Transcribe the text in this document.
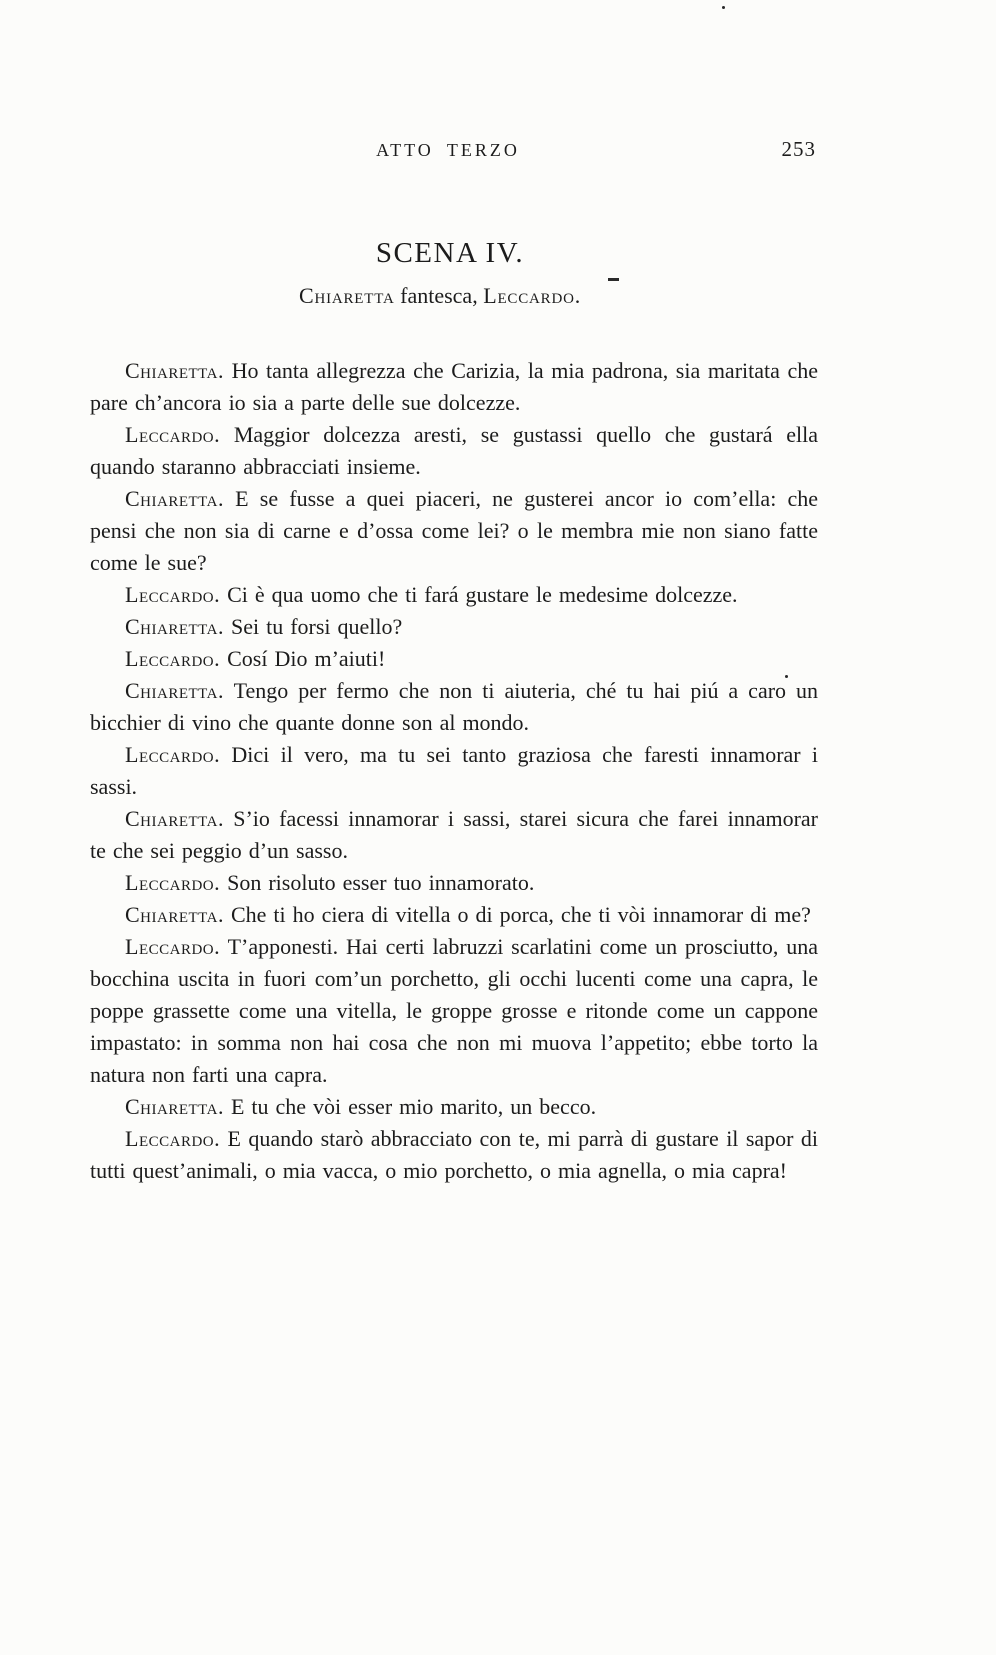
ATTO TERZO	253
SCENA IV.
Chiaretta fantesca, Leccardo.

Chiaretta. Ho tanta allegrezza che Carizia, la mia padrona, sia maritata che pare ch’ancora io sia a parte delle sue dolcezze.

Leccardo. Maggior dolcezza aresti, se gustassi quello che gustará ella quando staranno abbracciati insieme.

Chiaretta. E se fusse a quei piaceri, ne gusterei ancor io com’ella: che pensi che non sia di carne e d’ossa come lei? o le membra mie non siano fatte come le sue?

Leccardo. Ci è qua uomo che ti fará gustare le medesime dolcezze.

Chiaretta. Sei tu forsi quello?

Leccardo. Cosí Dio m’aiuti!

Chiaretta. Tengo per fermo che non ti aiuteria, ché tu hai piú a caro un bicchier di vino che quante donne son al mondo.

Leccardo. Dici il vero, ma tu sei tanto graziosa che faresti innamorar i sassi.

Chiaretta. S’io facessi innamorar i sassi, starei sicura che farei innamorar te che sei peggio d’un sasso.

Leccardo. Son risoluto esser tuo innamorato.

Chiaretta. Che ti ho ciera di vitella o di porca, che ti vòi innamorar di me?

Leccardo. T’apponesti. Hai certi labruzzi scarlatini come un prosciutto, una bocchina uscita in fuori com’un porchetto, gli occhi lucenti come una capra, le poppe grassette come una vitella, le groppe grosse e ritonde come un cappone impastato: in somma non hai cosa che non mi muova l’appetito; ebbe torto la natura non farti una capra.

Chiaretta. E tu che vòi esser mio marito, un becco.

Leccardo. E quando starò abbracciato con te, mi parrà di gustare il sapor di tutti quest’animali, o mia vacca, o mio porchetto, o mia agnella, o mia capra!
